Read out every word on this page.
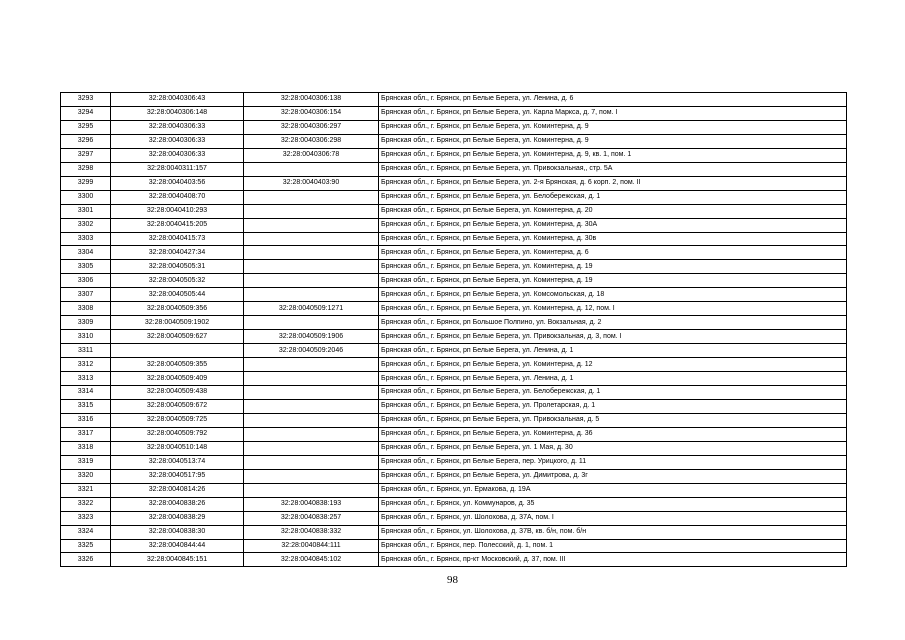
3293	32:28:0040306:43	32:28:0040306:138	Брянская обл., г. Брянск, рп Белые Берега, ул. Ленина, д. 6
3294	32:28:0040306:148	32:28:0040306:154	Брянская обл., г. Брянск, рп Белые Берега, ул. Карла Маркса, д. 7, пом. I
3295	32:28:0040306:33	32:28:0040306:297	Брянская обл., г. Брянск, рп Белые Берега, ул. Коминтерна, д. 9
3296	32:28:0040306:33	32:28:0040306:298	Брянская обл., г. Брянск, рп Белые Берега, ул. Коминтерна, д. 9
3297	32:28:0040306:33	32:28:0040306:78	Брянская обл., г. Брянск, рп Белые Берега, ул. Коминтерна, д. 9, кв. 1, пом. 1
3298	32:28:0040311:157		Брянская обл., г. Брянск, рп Белые Берега, ул. Привокзальная,, стр. 5А
3299	32:28:0040403:56	32:28:0040403:90	Брянская обл., г. Брянск, рп Белые Берега, ул. 2-я Брянская, д. 6 корп. 2, пом. II
3300	32:28:0040408:70		Брянская обл., г. Брянск, рп Белые Берега, ул. Белобережская, д. 1
3301	32:28:0040410:293		Брянская обл., г. Брянск, рп Белые Берега, ул. Коминтерна, д. 20
3302	32:28:0040415:205		Брянская обл., г. Брянск, рп Белые Берега, ул. Коминтерна, д. 30А
3303	32:28:0040415:73		Брянская обл., г. Брянск, рп Белые Берега, ул. Коминтерна, д. 30в
3304	32:28:0040427:34		Брянская обл., г. Брянск, рп Белые Берега, ул. Коминтерна, д. 6
3305	32:28:0040505:31		Брянская обл., г. Брянск, рп Белые Берега, ул. Коминтерна, д. 19
3306	32:28:0040505:32		Брянская обл., г. Брянск, рп Белые Берега, ул. Коминтерна, д. 19
3307	32:28:0040505:44		Брянская обл., г. Брянск, рп Белые Берега, ул. Комсомольская, д. 18
3308	32:28:0040509:356	32:28:0040509:1271	Брянская обл., г. Брянск, рп Белые Берега, ул. Коминтерна, д. 12, пом. I
3309	32:28:0040509:1902		Брянская обл., г. Брянск, рп Большое Полпино, ул. Вокзальная, д. 2
3310	32:28:0040509:627	32:28:0040509:1906	Брянская обл., г. Брянск, рп Белые Берега, ул. Привокзальная, д. 3, пом. I
3311		32:28:0040509:2046	Брянская обл., г. Брянск, рп Белые Берега, ул. Ленина, д. 1
3312	32:28:0040509:355		Брянская обл., г. Брянск, рп Белые Берега, ул. Коминтерна, д. 12
3313	32:28:0040509:409		Брянская обл., г. Брянск, рп Белые Берега, ул. Ленина, д. 1
3314	32:28:0040509:438		Брянская обл., г. Брянск, рп Белые Берега, ул. Белобережская, д. 1
3315	32:28:0040509:672		Брянская обл., г. Брянск, рп Белые Берега, ул. Пролетарская, д. 1
3316	32:28:0040509:725		Брянская обл., г. Брянск, рп Белые Берега, ул. Привокзальная, д. 5
3317	32:28:0040509:792		Брянская обл., г. Брянск, рп Белые Берега, ул. Коминтерна, д. 36
3318	32:28:0040510:148		Брянская обл., г. Брянск, рп Белые Берега, ул. 1 Мая, д. 30
3319	32:28:0040513:74		Брянская обл., г. Брянск, рп Белые Берега, пер. Урицкого, д. 11
3320	32:28:0040517:95		Брянская обл., г. Брянск, рп Белые Берега, ул. Димитрова, д. 3г
3321	32:28:0040814:26		Брянская обл., г. Брянск, ул. Ермакова, д. 19А
3322	32:28:0040838:26	32:28:0040838:193	Брянская обл., г. Брянск, ул. Коммунаров, д. 35
3323	32:28:0040838:29	32:28:0040838:257	Брянская обл., г. Брянск, ул. Шолохова, д. 37А, пом. I
3324	32:28:0040838:30	32:28:0040838:332	Брянская обл., г. Брянск, ул. Шолохова, д. 37В, кв. б/н, пом. б/н
3325	32:28:0040844:44	32:28:0040844:111	Брянская обл., г. Брянск, пер. Полесский, д. 1, пом. 1
3326	32:28:0040845:151	32:28:0040845:102	Брянская обл., г. Брянск, пр-кт Московский, д. 37, пом. III
98
